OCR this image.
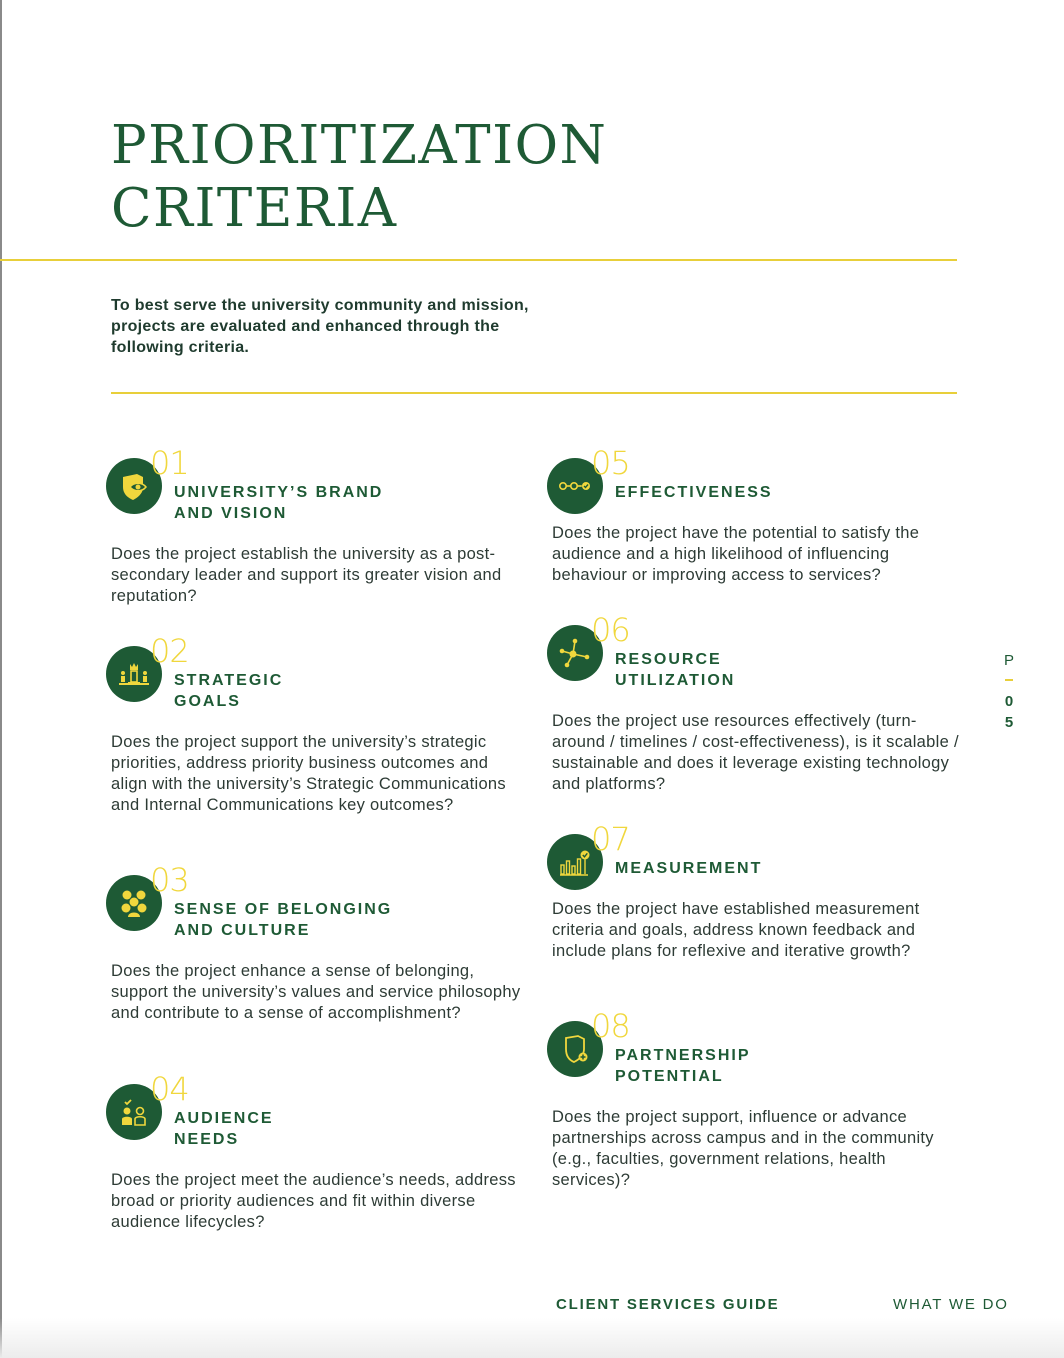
PRIORITIZATION
CRITERIA

To best serve the university community and mission, projects are evaluated and enhanced through the following criteria.

01
UNIVERSITY’S BRAND
AND VISION

Does the project establish the university as a post-secondary leader and support its greater vision and reputation?

02
STRATEGIC
GOALS

Does the project support the university’s strategic priorities, address priority business outcomes and align with the university’s Strategic Communications and Internal Communications key outcomes?

03
SENSE OF BELONGING
AND CULTURE

Does the project enhance a sense of belonging, support the university’s values and service philosophy and contribute to a sense of accomplishment?

04
AUDIENCE
NEEDS

Does the project meet the audience’s needs, address broad or priority audiences and fit within diverse audience lifecycles?

05
EFFECTIVENESS

Does the project have the potential to satisfy the audience and a high likelihood of influencing behaviour or improving access to services?

06
RESOURCE
UTILIZATION

Does the project use resources effectively (turn-around / timelines / cost-effectiveness), is it scalable / sustainable and does it leverage existing technology and platforms?

07
MEASUREMENT

Does the project have established measurement criteria and goals, address known feedback and include plans for reflexive and iterative growth?

08
PARTNERSHIP
POTENTIAL

Does the project support, influence or advance partnerships across campus and in the community (e.g., faculties, government relations, health services)?

P
0
5
CLIENT SERVICES GUIDE	WHAT WE DO
